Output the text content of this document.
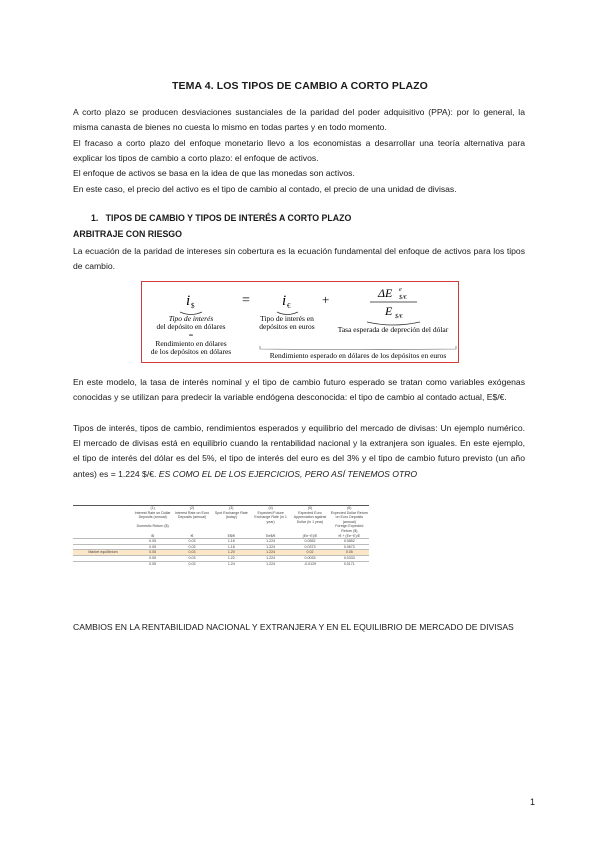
TEMA 4. LOS TIPOS DE CAMBIO A CORTO PLAZO
A corto plazo se producen desviaciones sustanciales de la paridad del poder adquisitivo (PPA): por lo general, la misma canasta de bienes no cuesta lo mismo en todas partes y en todo momento.
El fracaso a corto plazo del enfoque monetario llevo a los economistas a desarrollar una teoría alternativa para explicar los tipos de cambio a corto plazo: el enfoque de activos.
El enfoque de activos se basa en la idea de que las monedas son activos.
En este caso, el precio del activo es el tipo de cambio al contado, el precio de una unidad de divisas.
1.   TIPOS DE CAMBIO Y TIPOS DE INTERÉS A CORTO PLAZO
ARBITRAJE CON RIESGO
La ecuación de la paridad de intereses sin cobertura es la ecuación fundamental del enfoque de activos para los tipos de cambio.
i $
Tipo de interés
del depósito en dólares
=
Rendimiento en dólares
de los depósitos en dólares
= i €
Tipo de interés en
depósitos en euros
+	ΔE e
$/€
E $/€
Tasa esperada de depreción del dólar
Rendimiento esperado en dólares de los depósitos en euros
En este modelo, la tasa de interés nominal y el tipo de cambio futuro esperado se tratan como variables exógenas conocidas y se utilizan para predecir la variable endógena desconocida: el tipo de cambio al contado actual, E$/€.
Tipos de interés, tipos de cambio, rendimientos esperados y equilibrio del mercado de divisas: Un ejemplo numérico. El mercado de divisas está en equilibrio cuando la rentabilidad nacional y la extranjera son iguales. En este ejemplo, el tipo de interés del dólar es del 5%, el tipo de interés del euro es del 3% y el tipo de cambio futuro previsto (un año antes) es = 1.224 $/€. ES COMO EL DE LOS EJERCICIOS, PERO ASÍ TENEMOS OTRO
	(1)	(2)	(3)	(4)	(5)	(6)
	Interest Rate on Dollar Deposits (annual)	Interest Rate on Euro Deposits (annual)	Spot Exchange Rate (today)	Expected Future Exchange Rate (in 1 year)	Expected Euro Appreciation against Dollar (in 1 year)	Expected Dollar Return on Euro Deposits (annual)
	Domestic Return ($)					Foreign Expected Return ($)
	i$	i€	E$/€	Ee$/€	(Ee−E)/E	i€ + (Ee−E)/E
	0.05	0.03	1.16	1.224	0.0552	0.0852
	0.05	0.03	1.18	1.224	0.0373	0.0673
Market equilibrium	0.05	0.03	1.20	1.224	0.02	0.05
	0.05	0.03	1.22	1.224	0.0033	0.0333
	0.05	0.03	1.24	1.224	-0.0129	0.0171
CAMBIOS EN LA RENTABILIDAD NACIONAL Y EXTRANJERA Y EN EL EQUILIBRIO DE MERCADO DE DIVISAS
1
